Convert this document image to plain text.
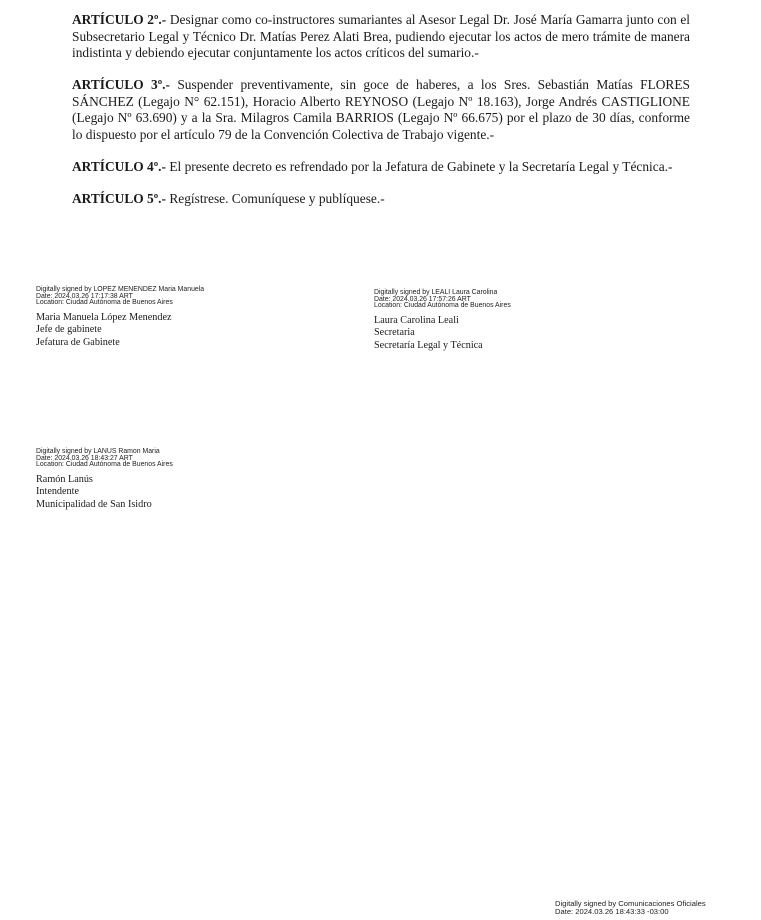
ARTÍCULO 2º.- Designar como co-instructores sumariantes al Asesor Legal Dr. José María Gamarra junto con el Subsecretario Legal y Técnico Dr. Matías Perez Alati Brea, pudiendo ejecutar los actos de mero trámite de manera indistinta y debiendo ejecutar conjuntamente los actos críticos del sumario.-

ARTÍCULO 3º.- Suspender preventivamente, sin goce de haberes, a los Sres. Sebastián Matías FLORES SÁNCHEZ (Legajo N° 62.151), Horacio Alberto REYNOSO (Legajo Nº 18.163), Jorge Andrés CASTIGLIONE (Legajo Nº 63.690) y a la Sra. Milagros Camila BARRIOS (Legajo Nº 66.675) por el plazo de 30 días, conforme lo dispuesto por el artículo 79 de la Convención Colectiva de Trabajo vigente.-

ARTÍCULO 4º.- El presente decreto es refrendado por la Jefatura de Gabinete y la Secretaría Legal y Técnica.-

ARTÍCULO 5º.- Regístrese. Comuníquese y publíquese.-

Digitally signed by LOPEZ MENENDEZ Maria Manuela
Date: 2024.03.26 17:17:38 ART
Location: Ciudad Autónoma de Buenos Aires
Maria Manuela López Menendez
Jefe de gabinete
Jefatura de Gabinete
Digitally signed by LEALI Laura Carolina
Date: 2024.03.26 17:57:26 ART
Location: Ciudad Autónoma de Buenos Aires
Laura Carolina Leali
Secretaria
Secretaría Legal y Técnica
Digitally signed by LANUS Ramon Maria
Date: 2024.03.26 18:43:27 ART
Location: Ciudad Autónoma de Buenos Aires
Ramón Lanús
Intendente
Municipalidad de San Isidro
Digitally signed by Comunicaciones Oficiales
Date: 2024.03.26 18:43:33 -03:00
